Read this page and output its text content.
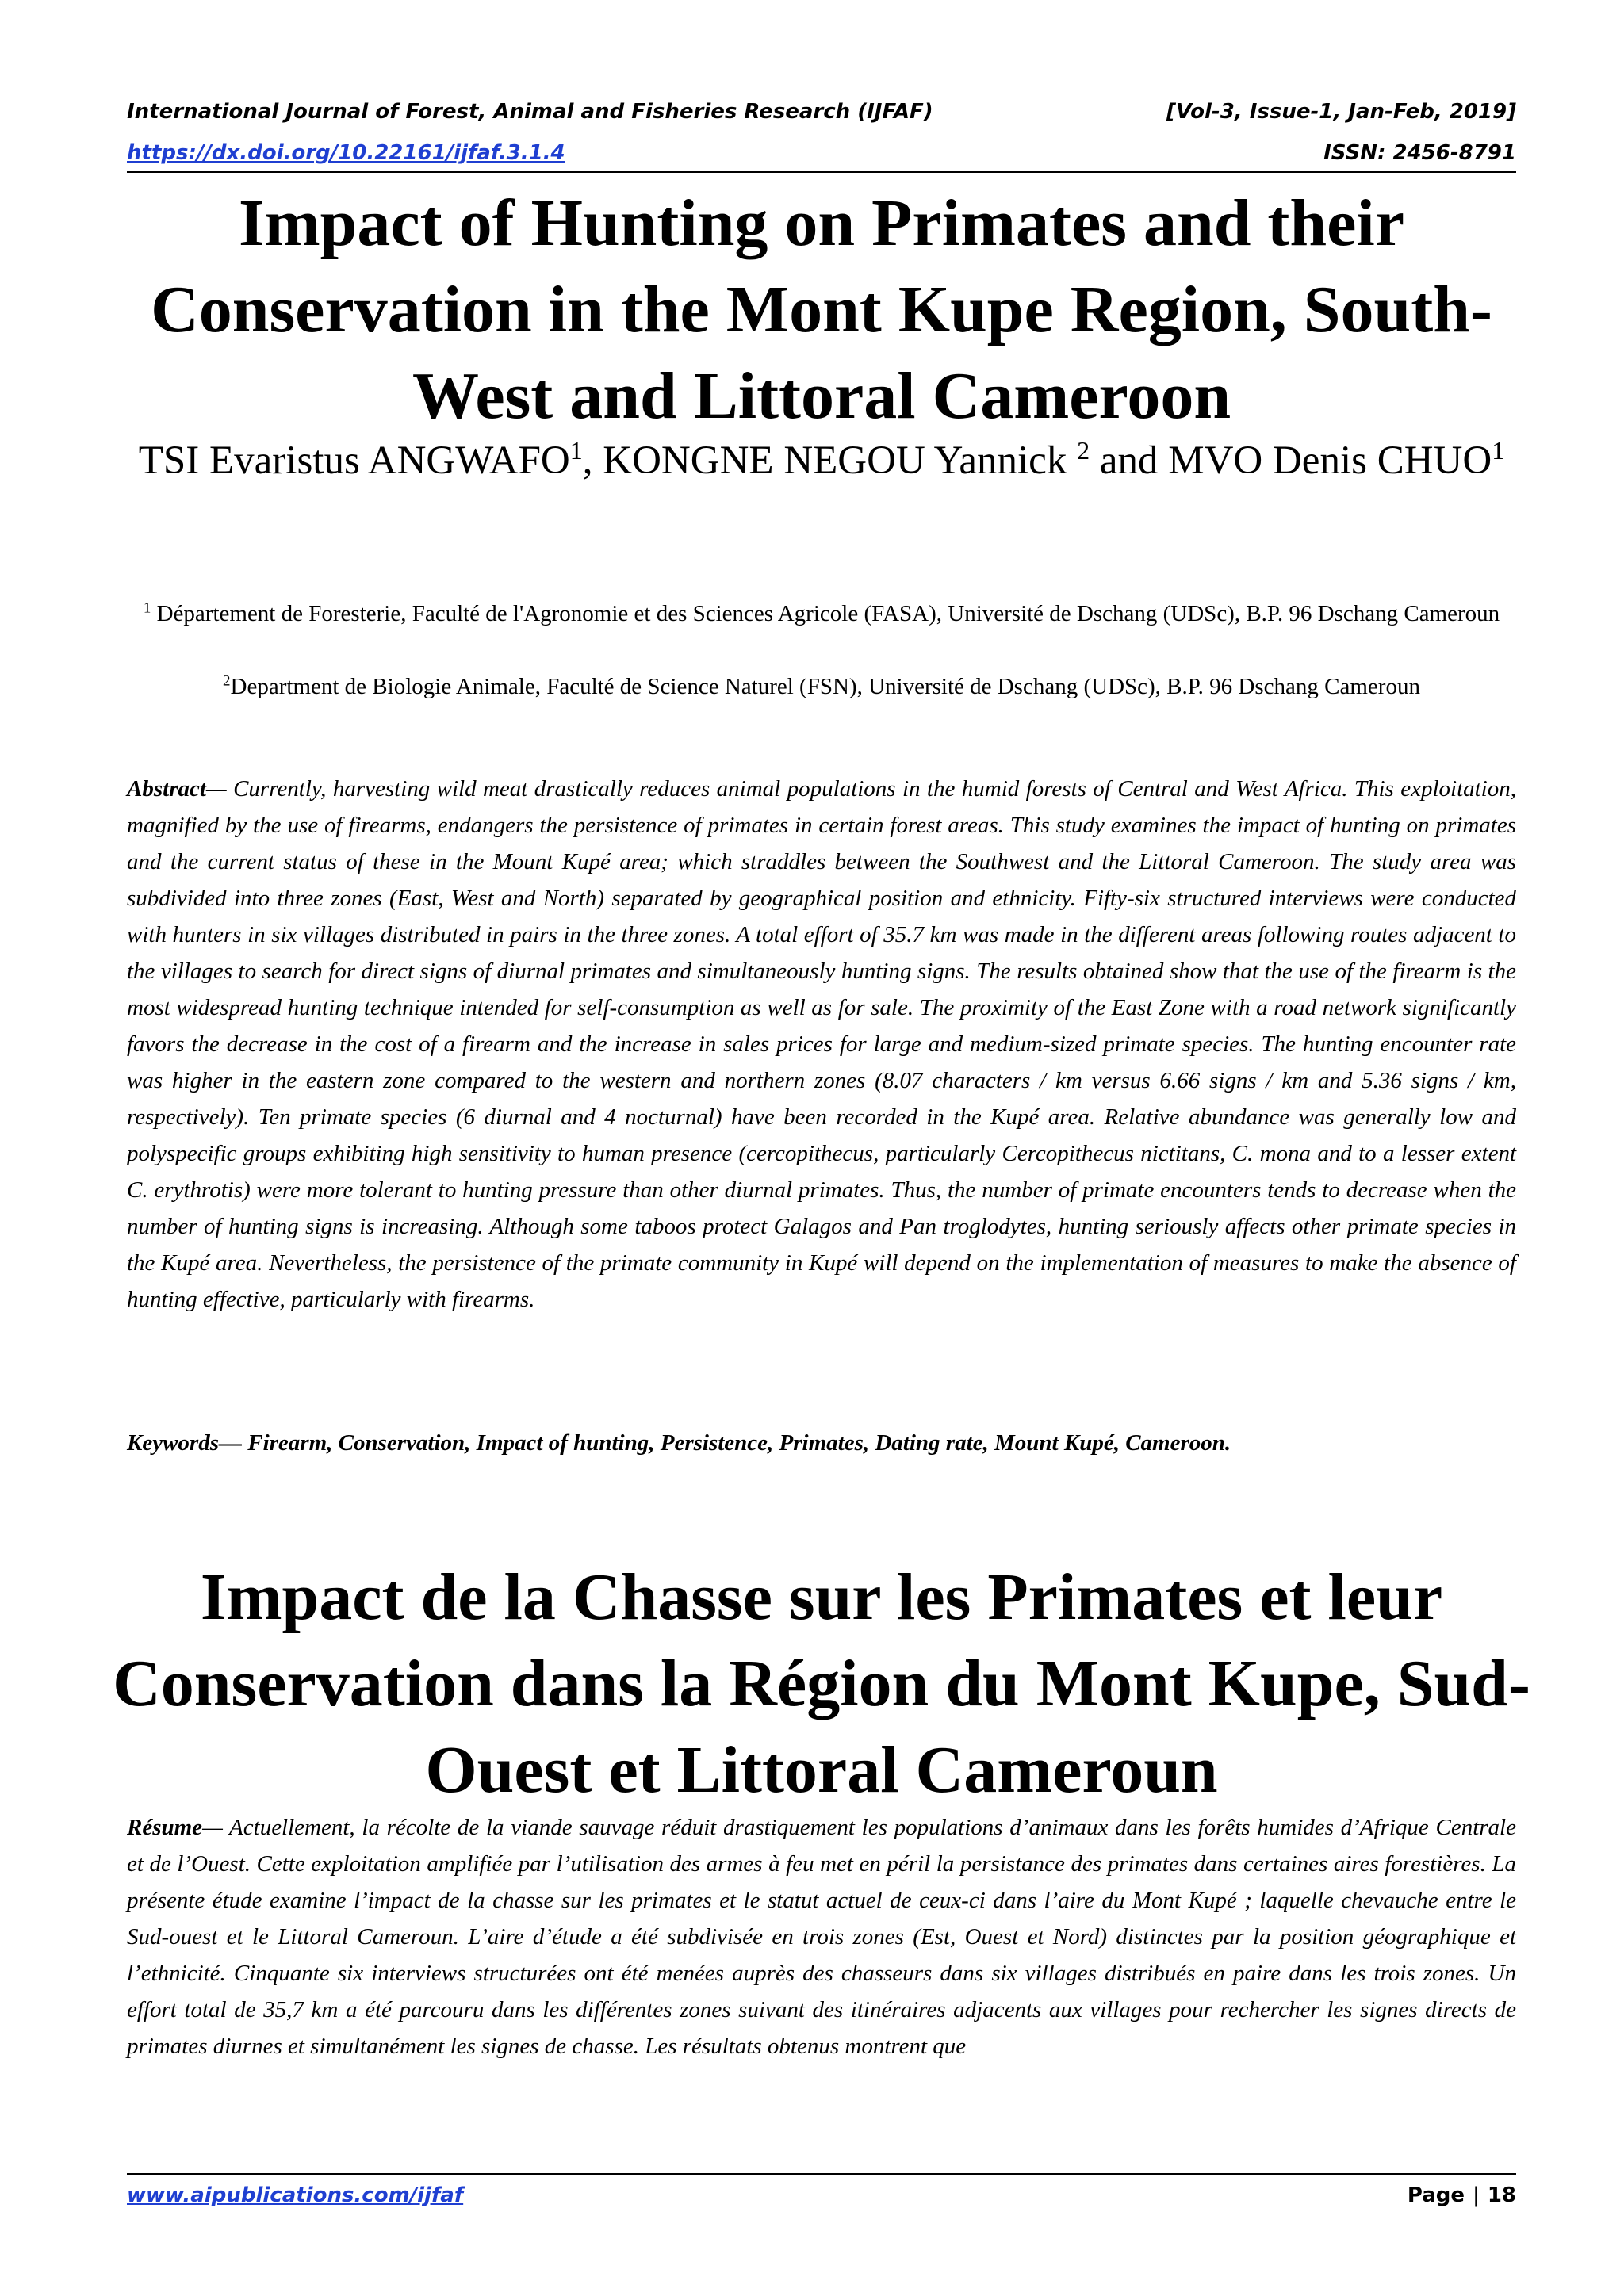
International Journal of Forest, Animal and Fisheries Research (IJFAF)	[Vol-3, Issue-1, Jan-Feb, 2019]
https://dx.doi.org/10.22161/ijfaf.3.1.4	ISSN: 2456-8791
Impact of Hunting on Primates and their Conservation in the Mont Kupe Region, South-West and Littoral Cameroon
TSI Evaristus ANGWAFO$^1$, KONGNE NEGOU Yannick $^2$ and MVO Denis CHUO$^1$
$^1$ Département de Foresterie, Faculté de l'Agronomie et des Sciences Agricole (FASA), Université de Dschang (UDSc), B.P. 96 Dschang Cameroun
$^2$Department de Biologie Animale, Faculté de Science Naturel (FSN), Université de Dschang (UDSc), B.P. 96 Dschang Cameroun

Abstract— Currently, harvesting wild meat drastically reduces animal populations in the humid forests of Central and West Africa. This exploitation, magnified by the use of firearms, endangers the persistence of primates in certain forest areas. This study examines the impact of hunting on primates and the current status of these in the Mount Kupé area; which straddles between the Southwest and the Littoral Cameroon. The study area was subdivided into three zones (East, West and North) separated by geographical position and ethnicity. Fifty-six structured interviews were conducted with hunters in six villages distributed in pairs in the three zones. A total effort of 35.7 km was made in the different areas following routes adjacent to the villages to search for direct signs of diurnal primates and simultaneously hunting signs. The results obtained show that the use of the firearm is the most widespread hunting technique intended for self-consumption as well as for sale. The proximity of the East Zone with a road network significantly favors the decrease in the cost of a firearm and the increase in sales prices for large and medium-sized primate species. The hunting encounter rate was higher in the eastern zone compared to the western and northern zones (8.07 characters / km versus 6.66 signs / km and 5.36 signs / km, respectively). Ten primate species (6 diurnal and 4 nocturnal) have been recorded in the Kupé area. Relative abundance was generally low and polyspecific groups exhibiting high sensitivity to human presence (cercopithecus, particularly Cercopithecus nictitans, C. mona and to a lesser extent C. erythrotis) were more tolerant to hunting pressure than other diurnal primates. Thus, the number of primate encounters tends to decrease when the number of hunting signs is increasing. Although some taboos protect Galagos and Pan troglodytes, hunting seriously affects other primate species in the Kupé area. Nevertheless, the persistence of the primate community in Kupé will depend on the implementation of measures to make the absence of hunting effective, particularly with firearms.

Keywords— Firearm, Conservation, Impact of hunting, Persistence, Primates, Dating rate, Mount Kupé, Cameroon.
Impact de la Chasse sur les Primates et leur Conservation dans la Région du Mont Kupe, Sud-Ouest et Littoral Cameroun

Résume— Actuellement, la récolte de la viande sauvage réduit drastiquement les populations d’animaux dans les forêts humides d’Afrique Centrale et de l’Ouest. Cette exploitation amplifiée par l’utilisation des armes à feu met en péril la persistance des primates dans certaines aires forestières. La présente étude examine l’impact de la chasse sur les primates et le statut actuel de ceux-ci dans l’aire du Mont Kupé ; laquelle chevauche entre le Sud-ouest et le Littoral Cameroun. L’aire d’étude a été subdivisée en trois zones (Est, Ouest et Nord) distinctes par la position géographique et l’ethnicité. Cinquante six interviews structurées ont été menées auprès des chasseurs dans six villages distribués en paire dans les trois zones. Un effort total de 35,7 km a été parcouru dans les différentes zones suivant des itinéraires adjacents aux villages pour rechercher les signes directs de primates diurnes et simultanément les signes de chasse. Les résultats obtenus montrent que

www.aipublications.com/ijfaf	Page | 18
